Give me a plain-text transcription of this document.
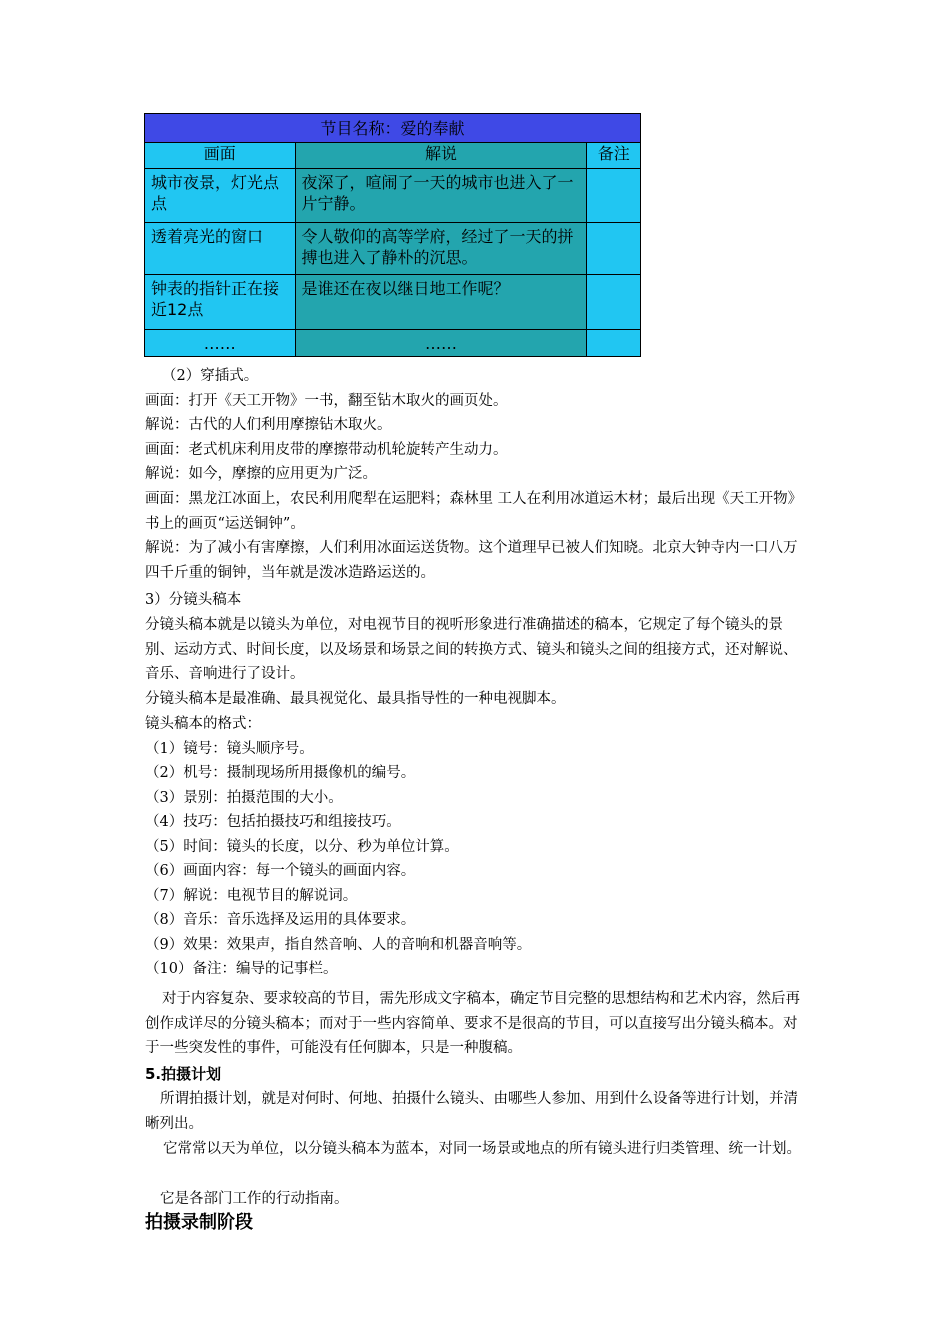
节目名称：爱的奉献		
画面	解说	备注
城市夜景，灯光点点	夜深了，喧闹了一天的城市也进入了一片宁静。	
透着亮光的窗口	令人敬仰的高等学府，经过了一天的拼搏也进入了静朴的沉思。	
钟表的指针正在接近12点	是谁还在夜以继日地工作呢？	
……	……	

（2）穿插式。

画面：打开《天工开物》一书，翻至钻木取火的画页处。

解说：古代的人们利用摩擦钻木取火。

画面：老式机床利用皮带的摩擦带动机轮旋转产生动力。

解说：如今，摩擦的应用更为广泛。

画面：黑龙江冰面上，农民利用爬犁在运肥料；森林里 工人在利用冰道运木材；最后出现《天工开物》书上的画页“运送铜钟”。

解说：为了减小有害摩擦，人们利用冰面运送货物。这个道理早已被人们知晓。北京大钟寺内一口八万四千斤重的铜钟，当年就是泼冰造路运送的。

3）分镜头稿本

分镜头稿本就是以镜头为单位，对电视节目的视听形象进行准确描述的稿本，它规定了每个镜头的景别、运动方式、时间长度，以及场景和场景之间的转换方式、镜头和镜头之间的组接方式，还对解说、音乐、音响进行了设计。

分镜头稿本是最准确、最具视觉化、最具指导性的一种电视脚本。

镜头稿本的格式：

（1）镜号：镜头顺序号。

（2）机号：摄制现场所用摄像机的编号。

（3）景别：拍摄范围的大小。

（4）技巧：包括拍摄技巧和组接技巧。

（5）时间：镜头的长度，以分、秒为单位计算。

（6）画面内容：每一个镜头的画面内容。

（7）解说：电视节目的解说词。

（8）音乐：音乐选择及运用的具体要求。

（9）效果：效果声，指自然音响、人的音响和机器音响等。

（10）备注：编导的记事栏。

对于内容复杂、要求较高的节目，需先形成文字稿本，确定节目完整的思想结构和艺术内容，然后再创作成详尽的分镜头稿本；而对于一些内容简单、要求不是很高的节目，可以直接写出分镜头稿本。对于一些突发性的事件，可能没有任何脚本，只是一种腹稿。

5.拍摄计划

所谓拍摄计划，就是对何时、何地、拍摄什么镜头、由哪些人参加、用到什么设备等进行计划，并清晰列出。

它常常以天为单位，以分镜头稿本为蓝本，对同一场景或地点的所有镜头进行归类管理、统一计划。

它是各部门工作的行动指南。

拍摄录制阶段
